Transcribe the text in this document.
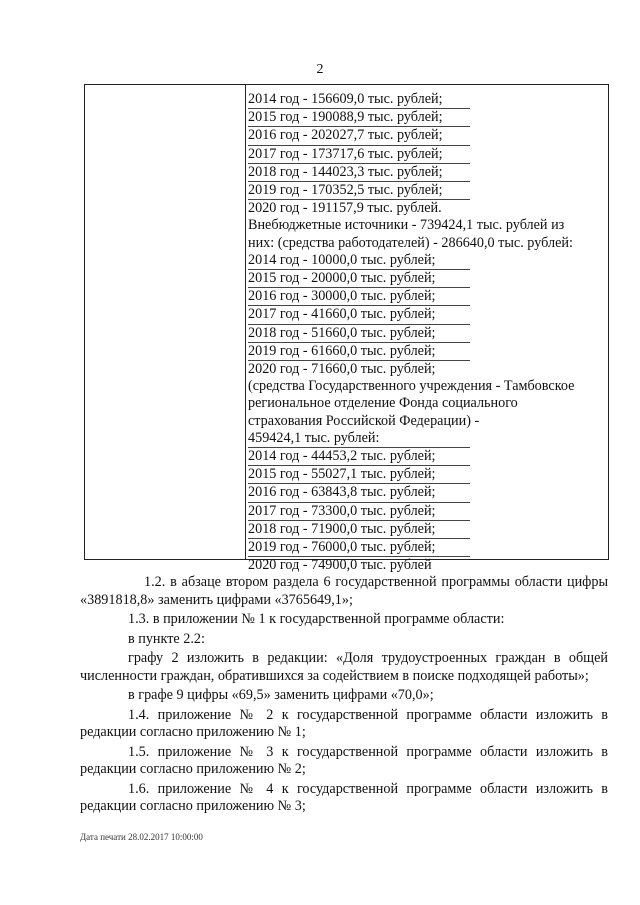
2
2014 год - 156609,0 тыс. рублей;
2015 год - 190088,9 тыс. рублей;
2016 год - 202027,7 тыс. рублей;
2017 год - 173717,6 тыс. рублей;
2018 год - 144023,3 тыс. рублей;
2019 год - 170352,5 тыс. рублей;
2020 год - 191157,9 тыс. рублей.
Внебюджетные источники - 739424,1 тыс. рублей из
них: (средства работодателей) - 286640,0 тыс. рублей:
2014 год - 10000,0 тыс. рублей;
2015 год - 20000,0 тыс. рублей;
2016 год - 30000,0 тыс. рублей;
2017 год - 41660,0 тыс. рублей;
2018 год - 51660,0 тыс. рублей;
2019 год - 61660,0 тыс. рублей;
2020 год - 71660,0 тыс. рублей;
(средства Государственного учреждения - Тамбовское
региональное отделение Фонда социального
страхования Российской Федерации) -
459424,1 тыс. рублей:
2014 год - 44453,2 тыс. рублей;
2015 год - 55027,1 тыс. рублей;
2016 год - 63843,8 тыс. рублей;
2017 год - 73300,0 тыс. рублей;
2018 год - 71900,0 тыс. рублей;
2019 год - 76000,0 тыс. рублей;
2020 год - 74900,0 тыс. рублей

1.2. в абзаце втором раздела 6 государственной программы области цифры «3891818,8» заменить цифрами «3765649,1»;

1.3. в приложении № 1 к государственной программе области:

в пункте 2.2:

графу 2 изложить в редакции: «Доля трудоустроенных граждан в общей численности граждан, обратившихся за содействием в поиске подходящей работы»;

в графе 9 цифры «69,5» заменить цифрами «70,0»;

1.4. приложение № 2 к государственной программе области изложить в редакции согласно приложению № 1;

1.5. приложение № 3 к государственной программе области изложить в редакции согласно приложению № 2;

1.6. приложение № 4 к государственной программе области изложить в редакции согласно приложению № 3;

Дата печати 28.02.2017 10:00:00
